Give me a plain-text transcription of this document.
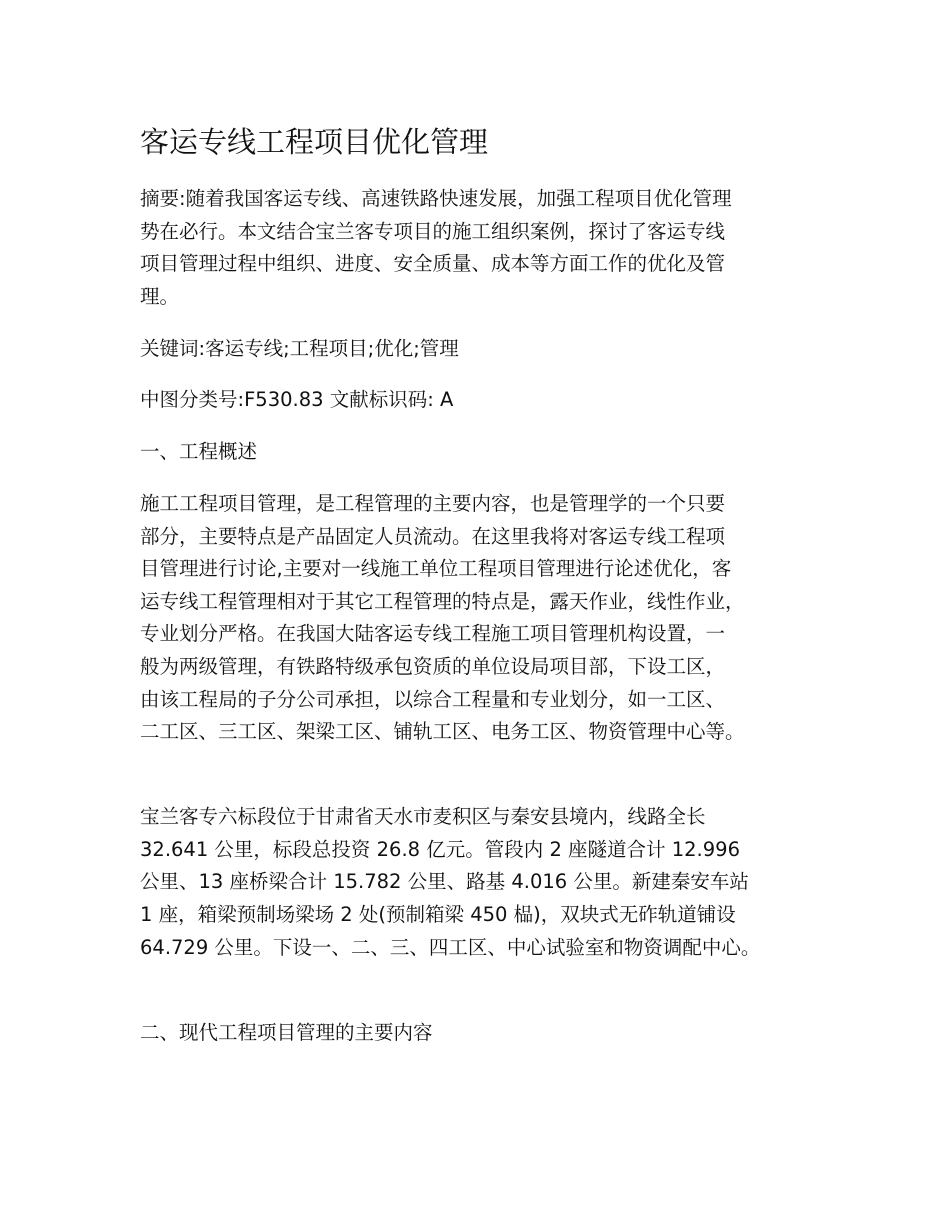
客运专线工程项目优化管理
摘要:随着我国客运专线、高速铁路快速发展，加强工程项目优化管理
势在必行。本文结合宝兰客专项目的施工组织案例，探讨了客运专线
项目管理过程中组织、进度、安全质量、成本等方面工作的优化及管
理。
关键词:客运专线;工程项目;优化;管理
中图分类号:F530.83 文献标识码: A
一、工程概述
施工工程项目管理，是工程管理的主要内容，也是管理学的一个只要
部分，主要特点是产品固定人员流动。在这里我将对客运专线工程项
目管理进行讨论,主要对一线施工单位工程项目管理进行论述优化，客
运专线工程管理相对于其它工程管理的特点是，露天作业，线性作业，
专业划分严格。在我国大陆客运专线工程施工项目管理机构设置，一
般为两级管理，有铁路特级承包资质的单位设局项目部，下设工区，
由该工程局的子分公司承担，以综合工程量和专业划分，如一工区、
二工区、三工区、架梁工区、铺轨工区、电务工区、物资管理中心等。
宝兰客专六标段位于甘肃省天水市麦积区与秦安县境内，线路全长
32.641 公里，标段总投资 26.8 亿元。管段内 2 座隧道合计 12.996
公里、13 座桥梁合计 15.782 公里、路基 4.016 公里。新建秦安车站
1 座，箱梁预制场梁场 2 处(预制箱梁 450 榀)，双块式无砟轨道铺设
64.729 公里。下设一、二、三、四工区、中心试验室和物资调配中心。
二、现代工程项目管理的主要内容
